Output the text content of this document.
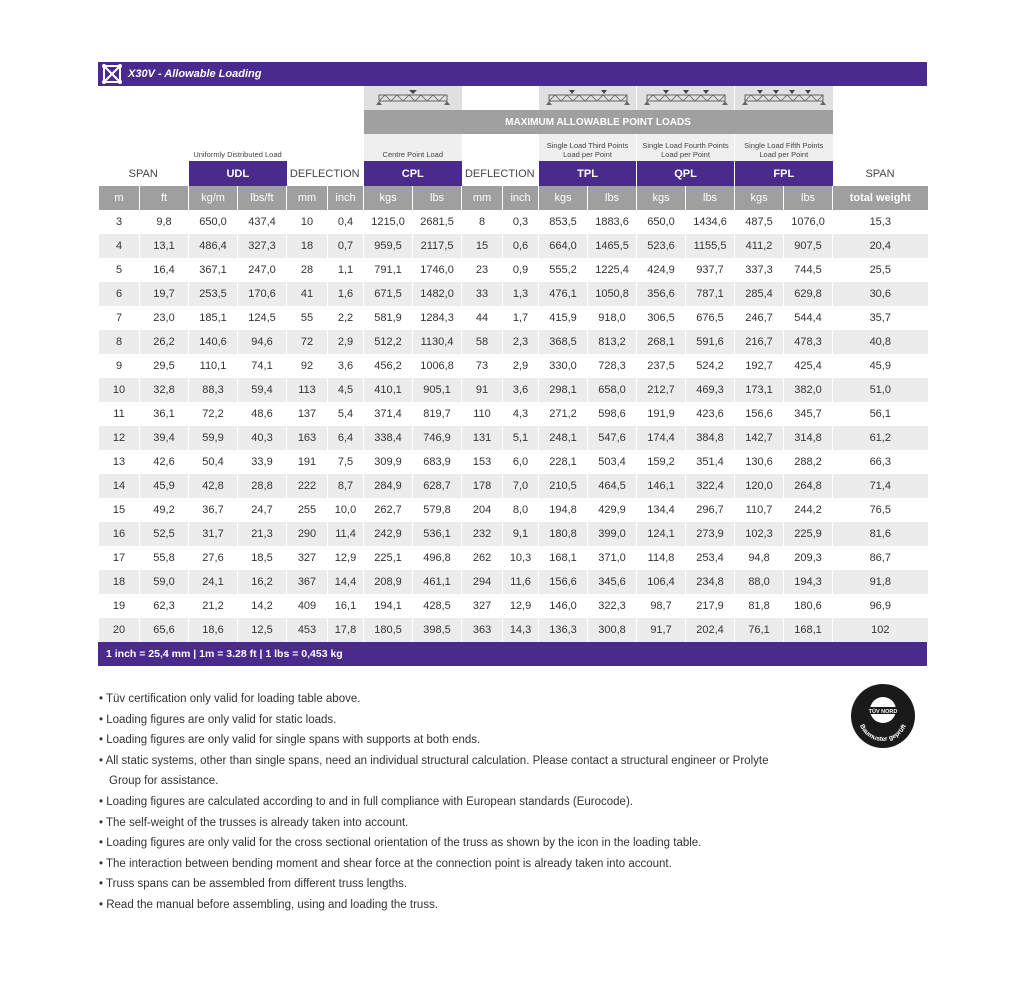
X30V - Allowable Loading

						MAXIMUM ALLOWABLE POINT LOADS										
		Uniformly Distributed Load				Centre Point Load				Single Load Third Points Load per Point		Single Load Fourth Points Load per Point		Single Load Fifth Points Load per Point		
SPAN		UDL		DEFLECTION		CPL		DEFLECTION		TPL		QPL		FPL		SPAN
m	ft	kg/m	lbs/ft	mm	inch	kgs	lbs	mm	inch	kgs	lbs	kgs	lbs	kgs	lbs	total weight
3	9,8	650,0	437,4	10	0,4	1215,0	2681,5	8	0,3	853,5	1883,6	650,0	1434,6	487,5	1076,0	15,3
4	13,1	486,4	327,3	18	0,7	959,5	2117,5	15	0,6	664,0	1465,5	523,6	1155,5	411,2	907,5	20,4
5	16,4	367,1	247,0	28	1,1	791,1	1746,0	23	0,9	555,2	1225,4	424,9	937,7	337,3	744,5	25,5
6	19,7	253,5	170,6	41	1,6	671,5	1482,0	33	1,3	476,1	1050,8	356,6	787,1	285,4	629,8	30,6
7	23,0	185,1	124,5	55	2,2	581,9	1284,3	44	1,7	415,9	918,0	306,5	676,5	246,7	544,4	35,7
8	26,2	140,6	94,6	72	2,9	512,2	1130,4	58	2,3	368,5	813,2	268,1	591,6	216,7	478,3	40,8
9	29,5	110,1	74,1	92	3,6	456,2	1006,8	73	2,9	330,0	728,3	237,5	524,2	192,7	425,4	45,9
10	32,8	88,3	59,4	113	4,5	410,1	905,1	91	3,6	298,1	658,0	212,7	469,3	173,1	382,0	51,0
11	36,1	72,2	48,6	137	5,4	371,4	819,7	110	4,3	271,2	598,6	191,9	423,6	156,6	345,7	56,1
12	39,4	59,9	40,3	163	6,4	338,4	746,9	131	5,1	248,1	547,6	174,4	384,8	142,7	314,8	61,2
13	42,6	50,4	33,9	191	7,5	309,9	683,9	153	6,0	228,1	503,4	159,2	351,4	130,6	288,2	66,3
14	45,9	42,8	28,8	222	8,7	284,9	628,7	178	7,0	210,5	464,5	146,1	322,4	120,0	264,8	71,4
15	49,2	36,7	24,7	255	10,0	262,7	579,8	204	8,0	194,8	429,9	134,4	296,7	110,7	244,2	76,5
16	52,5	31,7	21,3	290	11,4	242,9	536,1	232	9,1	180,8	399,0	124,1	273,9	102,3	225,9	81,6
17	55,8	27,6	18,5	327	12,9	225,1	496,8	262	10,3	168,1	371,0	114,8	253,4	94,8	209,3	86,7
18	59,0	24,1	16,2	367	14,4	208,9	461,1	294	11,6	156,6	345,6	106,4	234,8	88,0	194,3	91,8
19	62,3	21,2	14,2	409	16,1	194,1	428,5	327	12,9	146,0	322,3	98,7	217,9	81,8	180,6	96,9
20	65,6	18,6	12,5	453	17,8	180,5	398,5	363	14,3	136,3	300,8	91,7	202,4	76,1	168,1	102
1 inch = 25,4 mm | 1m = 3.28 ft | 1 lbs = 0,453 kg
• Tüv certification only valid for loading table above.
• Loading figures are only valid for static loads.
• Loading figures are only valid for single spans with supports at both ends.
• All static systems, other than single spans, need an individual structural calculation. Please contact a structural engineer or Prolyte Group for assistance.
• Loading figures are calculated according to and in full compliance with European standards (Eurocode).
• The self-weight of the trusses is already taken into account.
• Loading figures are only valid for the cross sectional orientation of the truss as shown by the icon in the loading table.
• The interaction between bending moment and shear force at the connection point is already taken into account.
• Truss spans can be assembled from different truss lengths.
• Read the manual before assembling, using and loading the truss.
TÜV NORD
Baumuster geprüft
